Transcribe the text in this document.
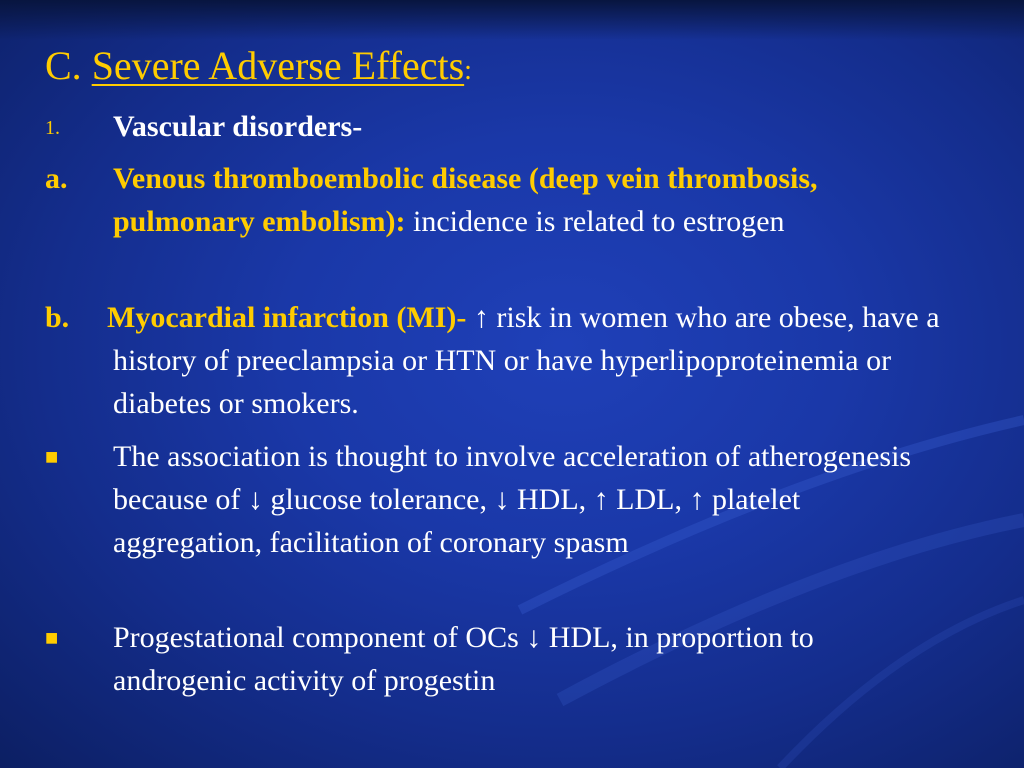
C. Severe Adverse Effects:
1. Vascular disorders-
a. Venous thromboembolic disease (deep vein thrombosis, pulmonary embolism): incidence is related to estrogen
b. Myocardial infarction (MI)- ↑ risk in women who are obese, have a history of preeclampsia or HTN or have hyperlipoproteinemia or diabetes or smokers.
■ The association is thought to involve acceleration of atherogenesis because of ↓ glucose tolerance, ↓ HDL, ↑ LDL, ↑ platelet aggregation, facilitation of coronary spasm
■ Progestational component of OCs ↓ HDL, in proportion to androgenic activity of progestin
